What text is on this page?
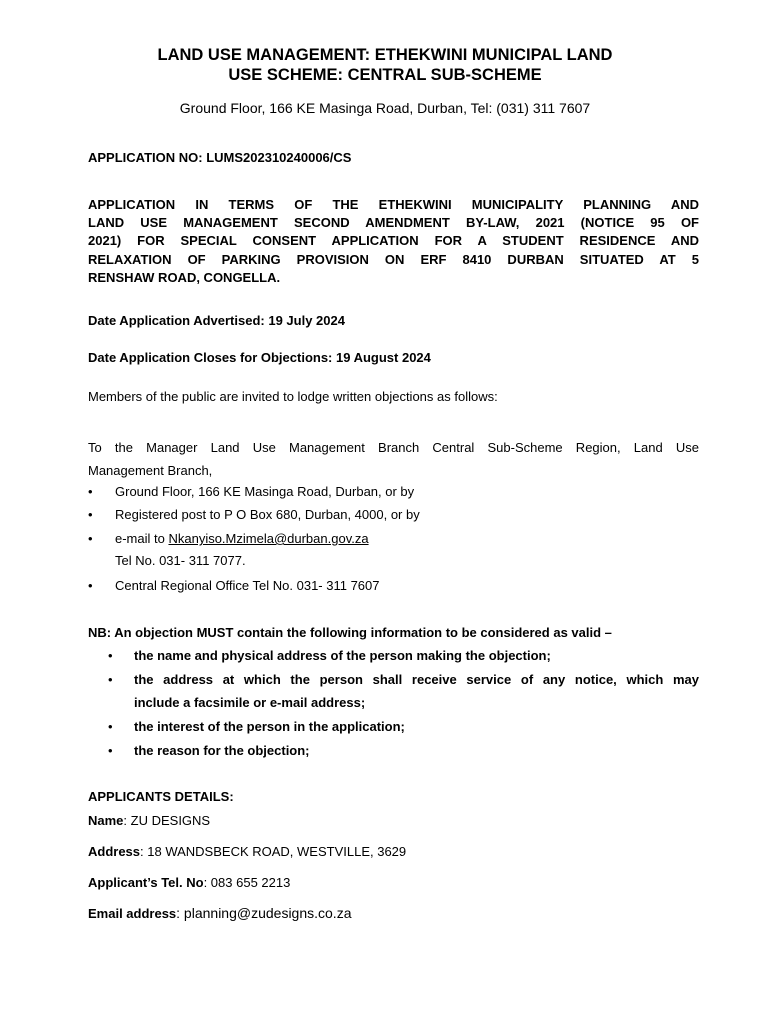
LAND USE MANAGEMENT: ETHEKWINI MUNICIPAL LAND
USE SCHEME: CENTRAL SUB-SCHEME
Ground Floor, 166 KE Masinga Road, Durban, Tel: (031) 311 7607
APPLICATION NO: LUMS202310240006/CS
APPLICATION IN TERMS OF THE ETHEKWINI MUNICIPALITY PLANNING AND
LAND USE MANAGEMENT SECOND AMENDMENT BY-LAW, 2021 (NOTICE 95 OF
2021) FOR SPECIAL CONSENT APPLICATION FOR A STUDENT RESIDENCE AND
RELAXATION OF PARKING PROVISION ON ERF 8410 DURBAN SITUATED AT 5
RENSHAW ROAD, CONGELLA.
Date Application Advertised: 19 July 2024
Date Application Closes for Objections: 19 August 2024
Members of the public are invited to lodge written objections as follows:
To the Manager Land Use Management Branch Central Sub-Scheme Region, Land Use
Management Branch,
• Ground Floor, 166 KE Masinga Road, Durban, or by
• Registered post to P O Box 680, Durban, 4000, or by
• e-mail to Nkanyiso.Mzimela@durban.gov.za
Tel No. 031- 311 7077.
• Central Regional Office Tel No. 031- 311 7607
NB: An objection MUST contain the following information to be considered as valid –
• the name and physical address of the person making the objection;
• the address at which the person shall receive service of any notice, which may
include a facsimile or e-mail address;
• the interest of the person in the application;
• the reason for the objection;
APPLICANTS DETAILS:
Name: ZU DESIGNS
Address: 18 WANDSBECK ROAD, WESTVILLE, 3629
Applicant’s Tel. No: 083 655 2213
Email address: planning@zudesigns.co.za
